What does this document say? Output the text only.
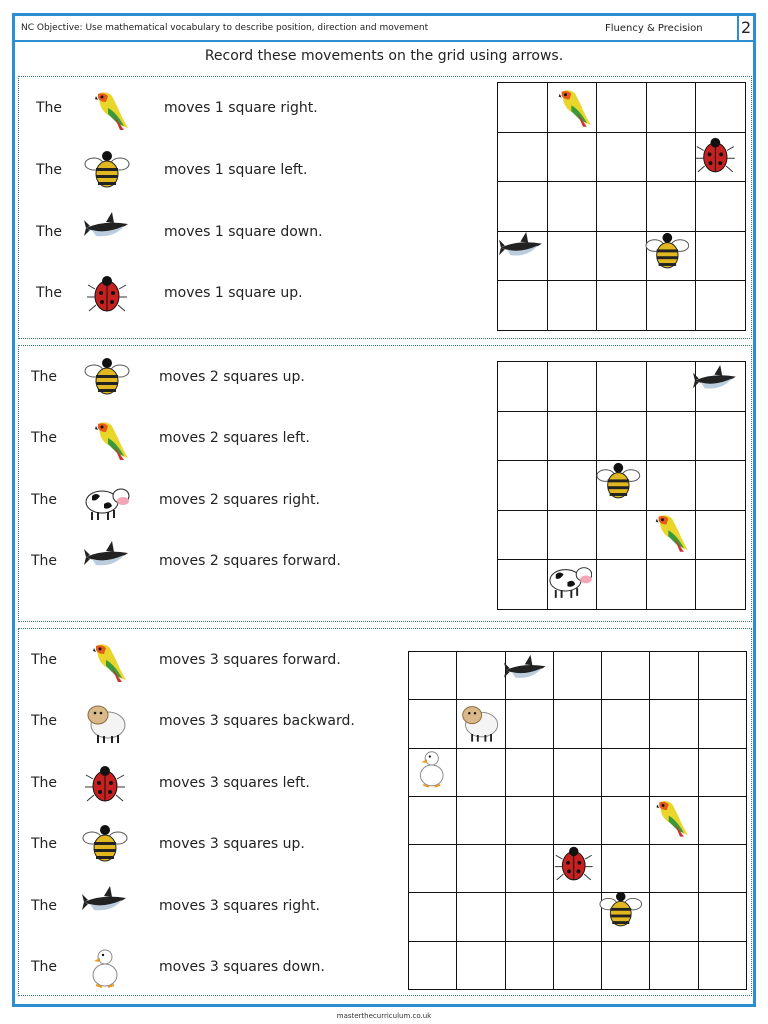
NC Objective: Use mathematical vocabulary to describe position, direction and movement	Fluency & Precision 2
Record these movements on the grid using arrows.
The	moves 1 square right.
The	moves 1 square left.
The	moves 1 square down.
The	moves 1 square up.
The	moves 2 squares up.
The	moves 2 squares left.
The	moves 2 squares right.
The	moves 2 squares forward.
The	moves 3 squares forward.
The	moves 3 squares backward.
The	moves 3 squares left.
The	moves 3 squares up.
The	moves 3 squares right.
The	moves 3 squares down.

masterthecurriculum.co.uk
